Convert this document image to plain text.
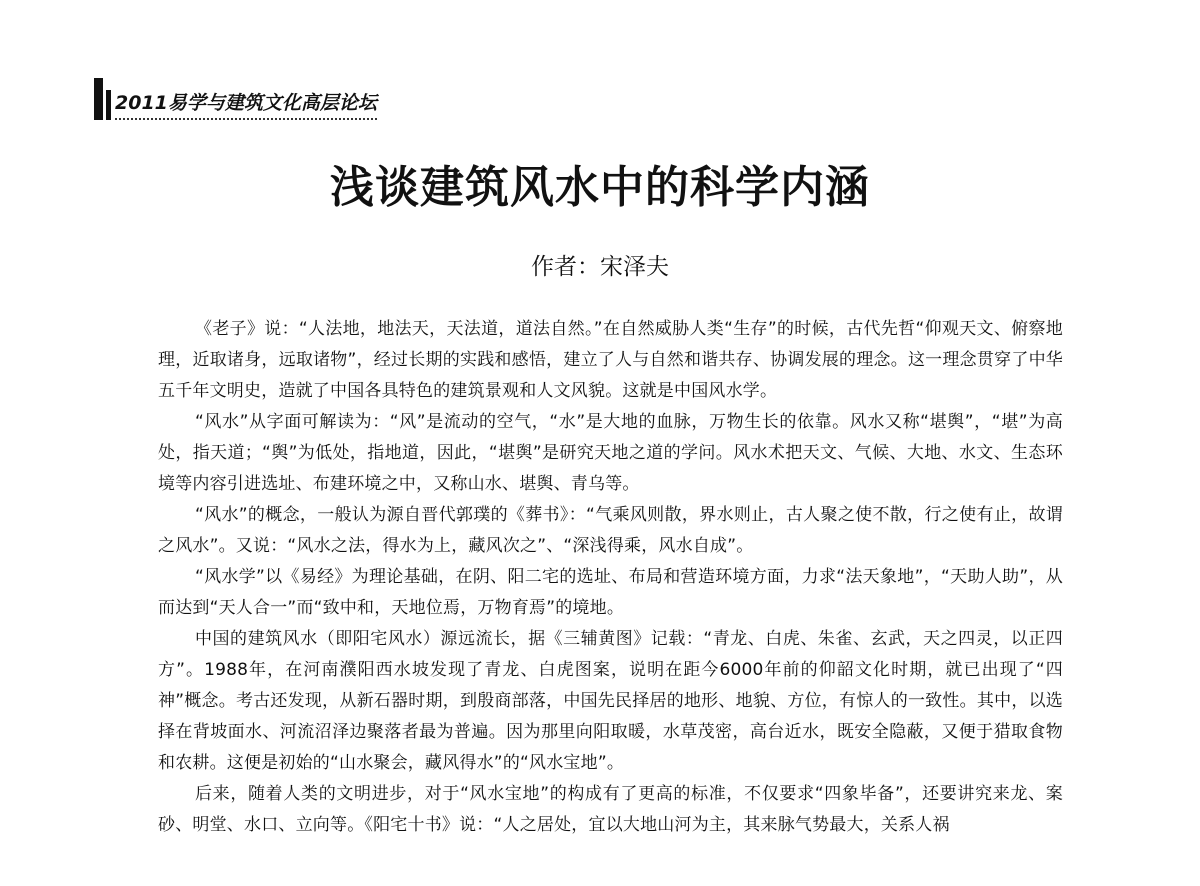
2011易学与建筑文化高层论坛
浅谈建筑风水中的科学内涵

作者：宋泽夫

《老子》说：“人法地，地法天，天法道，道法自然。”在自然威胁人类“生存”的时候，古代先哲“仰观天文、俯察地理，近取诸身，远取诸物”，经过长期的实践和感悟，建立了人与自然和谐共存、协调发展的理念。这一理念贯穿了中华五千年文明史，造就了中国各具特色的建筑景观和人文风貌。这就是中国风水学。

“风水”从字面可解读为：“风”是流动的空气，“水”是大地的血脉，万物生长的依靠。风水又称“堪舆”，“堪”为高处，指天道；“舆”为低处，指地道，因此，“堪舆”是研究天地之道的学问。风水术把天文、气候、大地、水文、生态环境等内容引进选址、布建环境之中，又称山水、堪舆、青乌等。

“风水”的概念，一般认为源自晋代郭璞的《葬书》：“气乘风则散，界水则止，古人聚之使不散，行之使有止，故谓之风水”。又说：“风水之法，得水为上，藏风次之”、“深浅得乘，风水自成”。

“风水学”以《易经》为理论基础，在阴、阳二宅的选址、布局和营造环境方面，力求“法天象地”，“天助人助”，从而达到“天人合一”而“致中和，天地位焉，万物育焉”的境地。

中国的建筑风水（即阳宅风水）源远流长，据《三辅黄图》记载：“青龙、白虎、朱雀、玄武，天之四灵，以正四方”。1988年，在河南濮阳西水坡发现了青龙、白虎图案，说明在距今6000年前的仰韶文化时期，就已出现了“四神”概念。考古还发现，从新石器时期，到殷商部落，中国先民择居的地形、地貌、方位，有惊人的一致性。其中，以选择在背坡面水、河流沼泽边聚落者最为普遍。因为那里向阳取暖，水草茂密，高台近水，既安全隐蔽，又便于猎取食物和农耕。这便是初始的“山水聚会，藏风得水”的“风水宝地”。

后来，随着人类的文明进步，对于“风水宝地”的构成有了更高的标准，不仅要求“四象毕备”，还要讲究来龙、案砂、明堂、水口、立向等。《阳宅十书》说：“人之居处，宜以大地山河为主，其来脉气势最大，关系人祸
